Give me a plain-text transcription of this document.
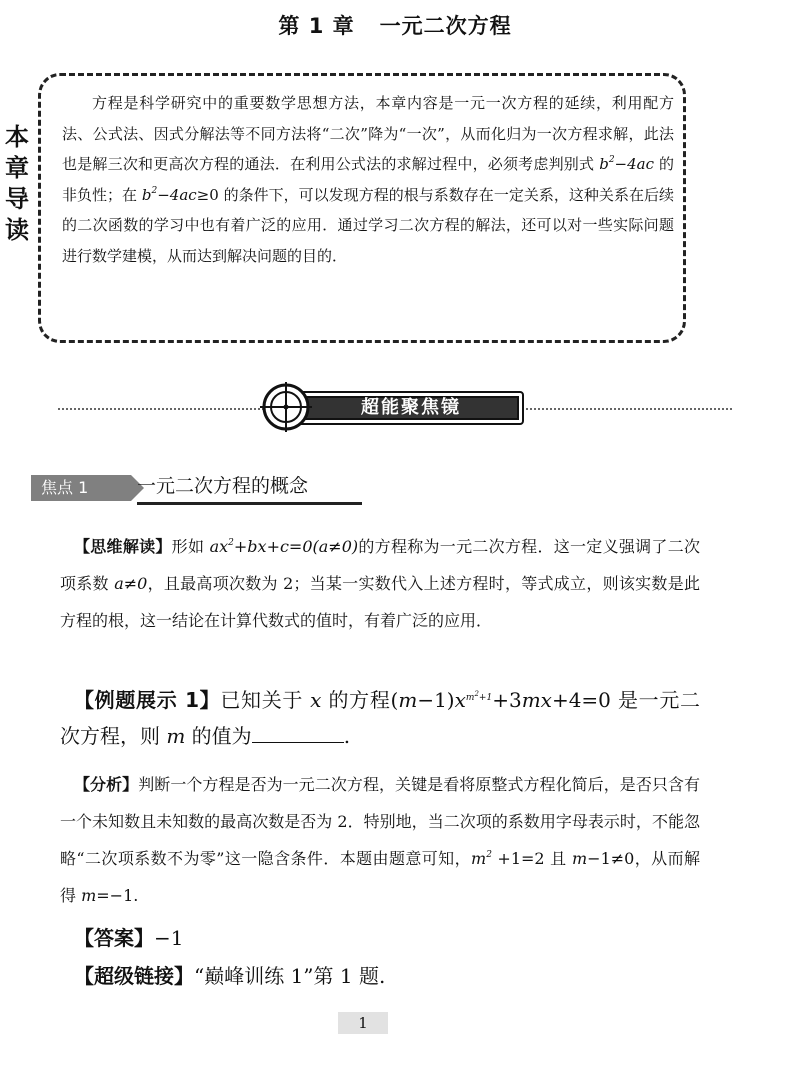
第 1 章   一元二次方程
本
章
导
读
方程是科学研究中的重要数学思想方法，本章内容是一元一次方程的延续，利用配方法、公式法、因式分解法等不同方法将“二次”降为“一次”，从而化归为一次方程求解，此法也是解三次和更高次方程的通法．在利用公式法的求解过程中，必须考虑判别式 $b^2-4ac$ 的非负性；在 $b^2-4ac\ge 0$ 的条件下，可以发现方程的根与系数存在一定关系，这种关系在后续的二次函数的学习中也有着广泛的应用．通过学习二次方程的解法，还可以对一些实际问题进行数学建模，从而达到解决问题的目的．
超能聚焦镜
焦点 1	一元二次方程的概念
【思维解读】形如 $ax^2+bx+c=0(a\ne 0)$的方程称为一元二次方程．这一定义强调了二次项系数 a≠0，且最高项次数为 2；当某一实数代入上述方程时，等式成立，则该实数是此方程的根，这一结论在计算代数式的值时，有着广泛的应用．
【例题展示 1】已知关于 x 的方程$(m-1)x^{m^2+1}+3mx+4=0$ 是一元二次方程，则 m 的值为	.
【分析】判断一个方程是否为一元二次方程，关键是看将原整式方程化简后，是否只含有一个未知数且未知数的最高次数是否为 2．特别地，当二次项的系数用字母表示时，不能忽略“二次项系数不为零”这一隐含条件．本题由题意可知，$m^2 +1=2$ 且 m−1≠0，从而解得 m=−1.
【答案】−1
【超级链接】“巅峰训练 1”第 1 题.
1
